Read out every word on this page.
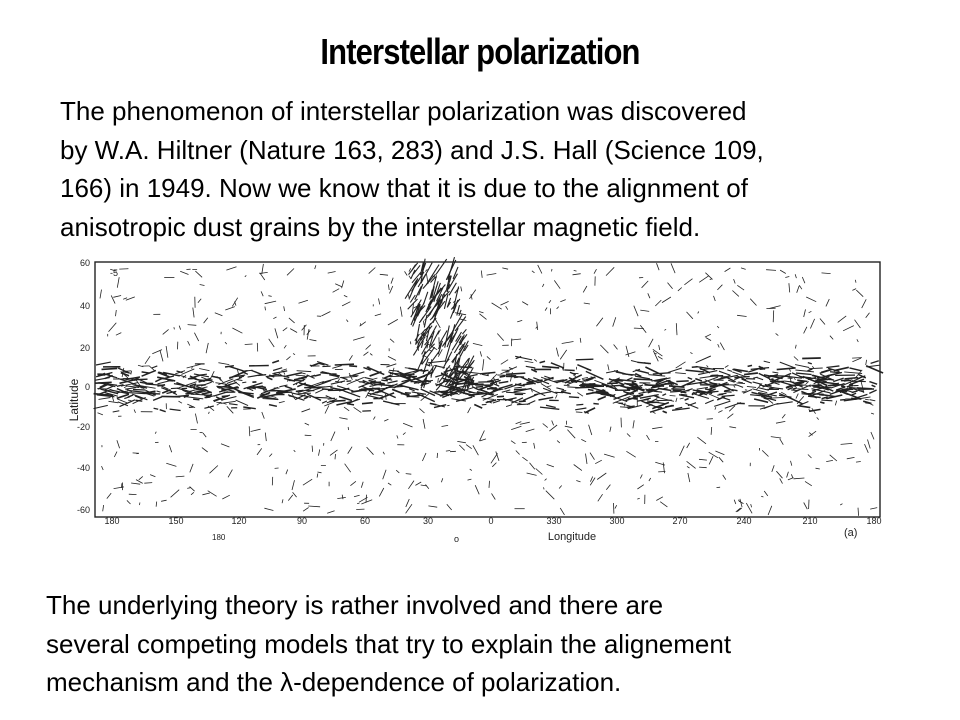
Interstellar polarization

The phenomenon of interstellar polarization was discovered
by W.A. Hiltner (Nature 163, 283) and J.S. Hall (Science 109,
166) in 1949. Now we know that it is due to the alignment of
anisotropic dust grains by the interstellar magnetic field.

Latitude
-5
60
40
20
0
-20
-40
-60
180	150	120	90	60	30	0	330	300	270	240	210	180
Longitude	(a)
180	o

The underlying theory is rather involved and there are
several competing models that try to explain the alignement
mechanism and the λ-dependence of polarization.
